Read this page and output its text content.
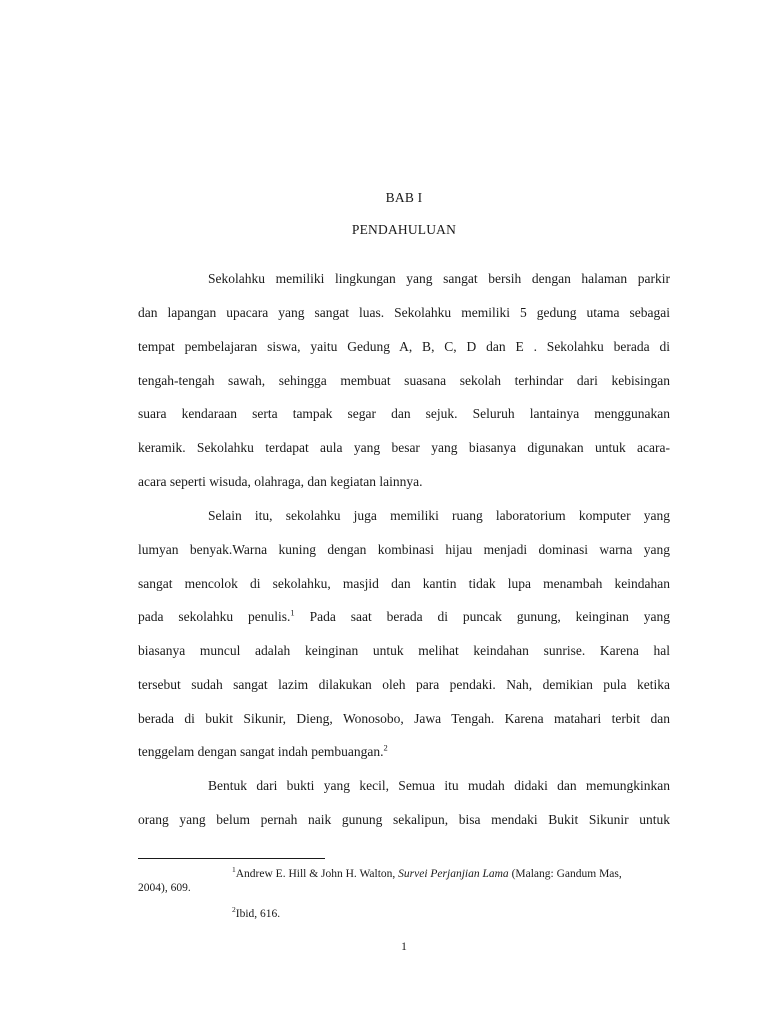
BAB I
PENDAHULUAN

Sekolahku memiliki lingkungan yang sangat bersih dengan halaman parkir

dan lapangan upacara yang sangat luas. Sekolahku memiliki 5 gedung utama sebagai

tempat pembelajaran siswa, yaitu Gedung A, B, C, D dan E . Sekolahku berada di

tengah-tengah sawah, sehingga membuat suasana sekolah terhindar dari kebisingan

suara kendaraan serta tampak segar dan sejuk. Seluruh lantainya menggunakan

keramik. Sekolahku terdapat aula yang besar yang biasanya digunakan untuk acara-

acara seperti wisuda, olahraga, dan kegiatan lainnya.

Selain itu, sekolahku juga memiliki ruang laboratorium komputer yang

lumyan benyak.Warna kuning dengan kombinasi hijau menjadi dominasi warna yang

sangat mencolok di sekolahku, masjid dan kantin tidak lupa menambah keindahan

pada sekolahku penulis.$^1$ Pada saat berada di puncak gunung, keinginan yang

biasanya muncul adalah keinginan untuk melihat keindahan sunrise. Karena hal

tersebut sudah sangat lazim dilakukan oleh para pendaki. Nah, demikian pula ketika

berada di bukit Sikunir, Dieng, Wonosobo, Jawa Tengah. Karena matahari terbit dan

tenggelam dengan sangat indah pembuangan.$^2$

Bentuk dari bukti yang kecil, Semua itu mudah didaki dan memungkinkan

orang yang belum pernah naik gunung sekalipun, bisa mendaki Bukit Sikunir untuk

$^1$Andrew E. Hill & John H. Walton, Survei Perjanjian Lama (Malang: Gandum Mas,

2004), 609.

$^2$Ibid, 616.

1
